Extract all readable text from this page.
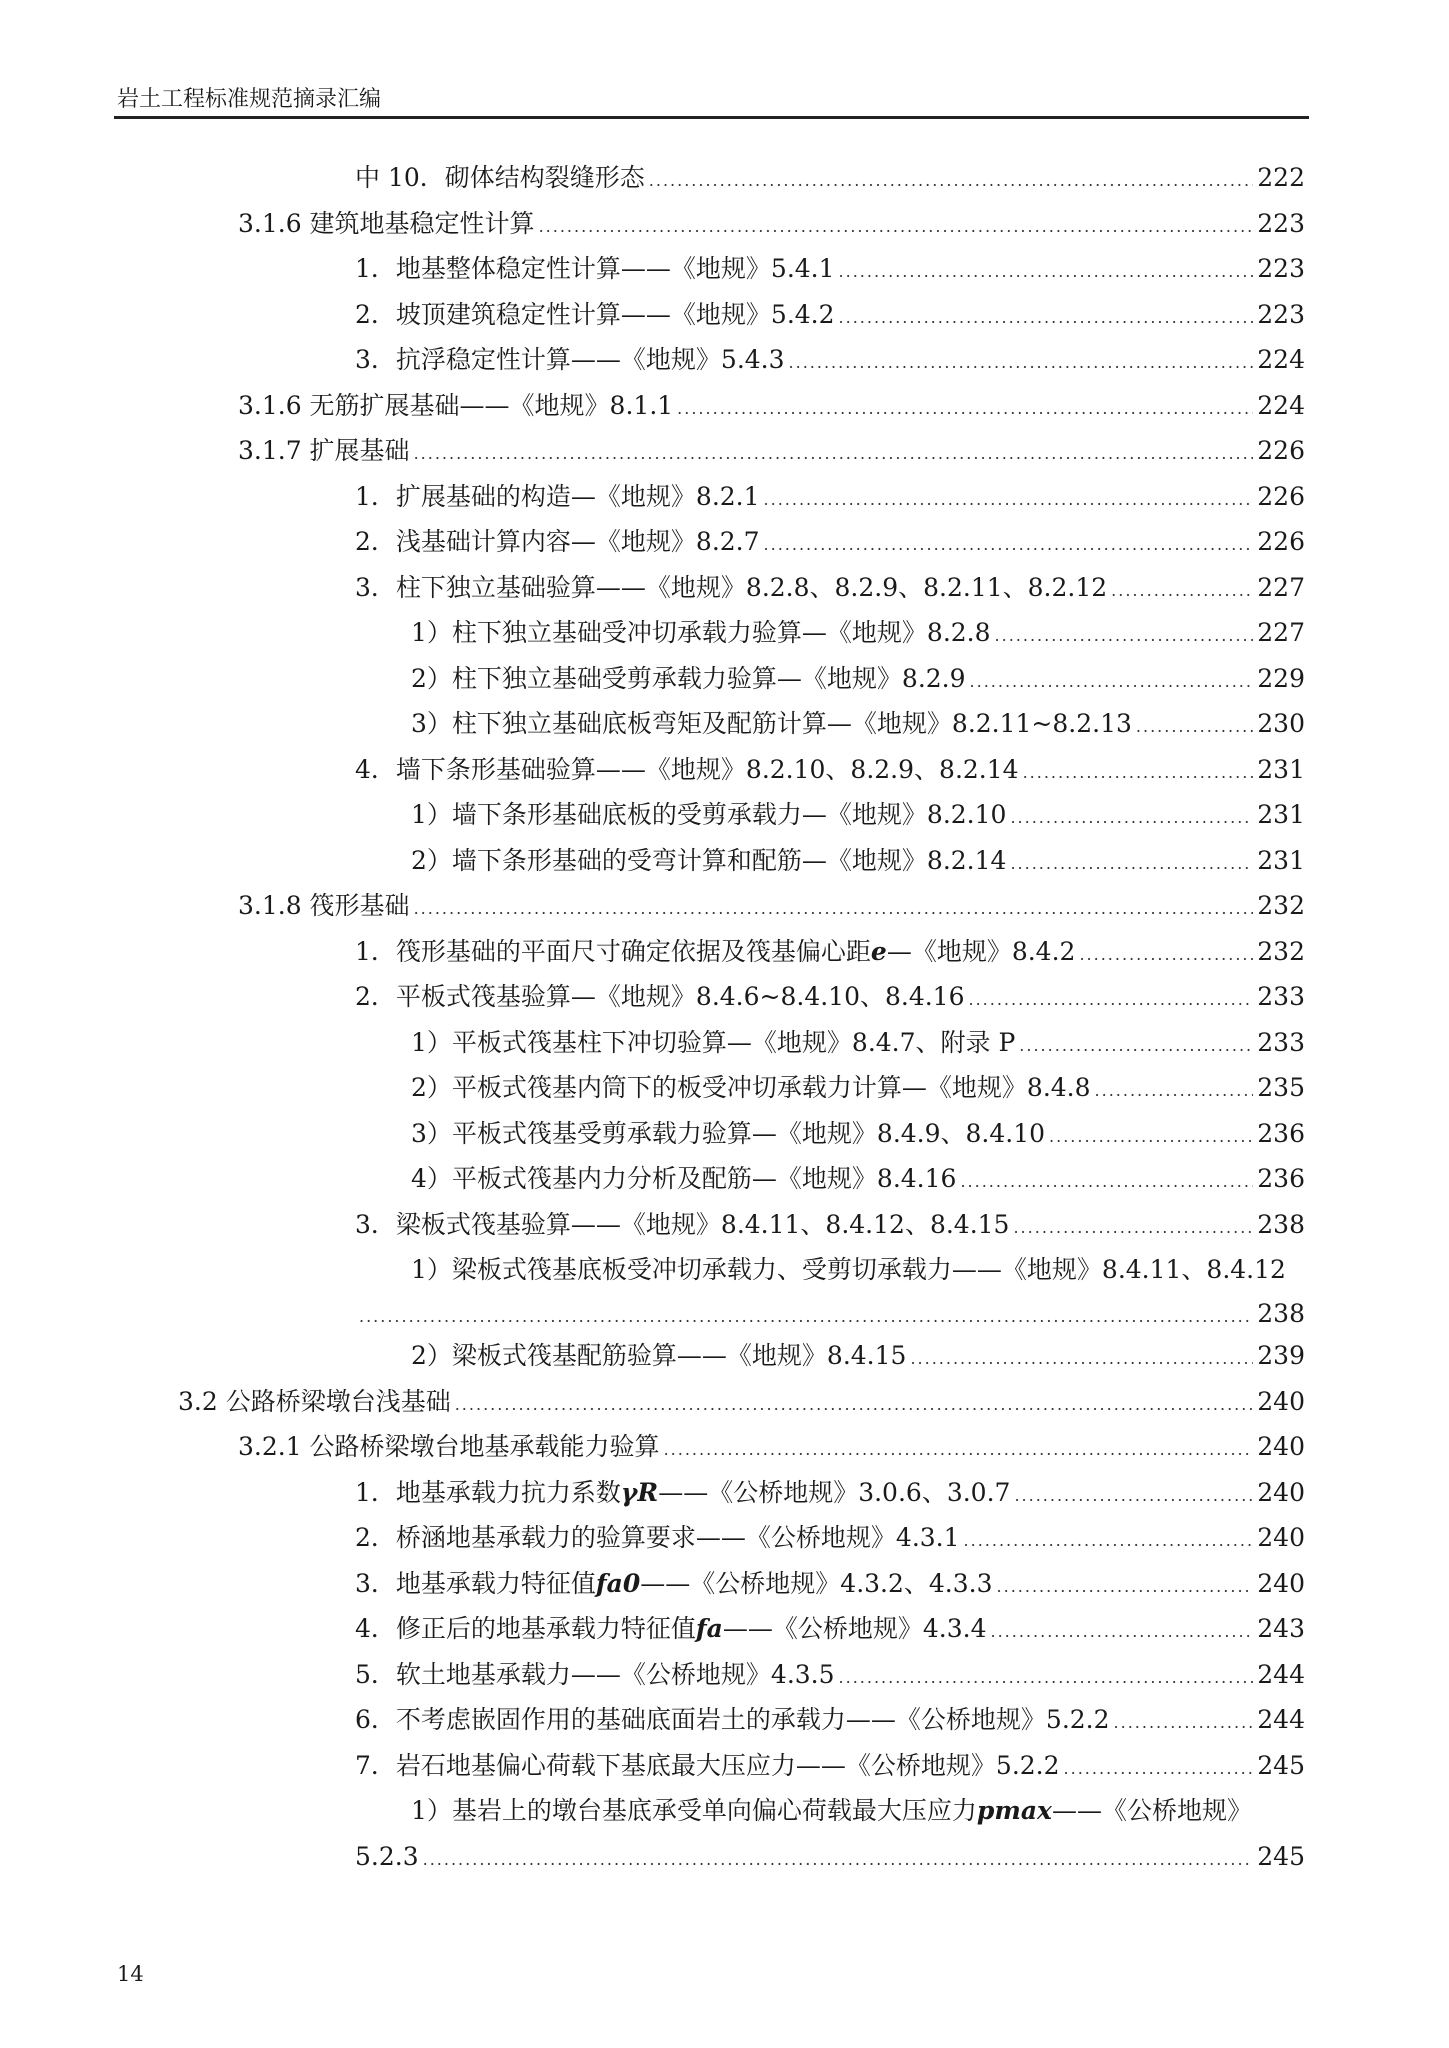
岩土工程标准规范摘录汇编
中 10．砌体结构裂缝形态 .....	222
3.1.6 建筑地基稳定性计算 .....	223
1．地基整体稳定性计算——《地规》5.4.1 .....	223
2．坡顶建筑稳定性计算——《地规》5.4.2 .....	223
3．抗浮稳定性计算——《地规》5.4.3 .....	224
3.1.6 无筋扩展基础——《地规》8.1.1 .....	224
3.1.7 扩展基础 .....	226
1．扩展基础的构造—《地规》8.2.1 .....	226
2．浅基础计算内容—《地规》8.2.7 .....	226
3．柱下独立基础验算——《地规》8.2.8、8.2.9、8.2.11、8.2.12 .....	227
1）柱下独立基础受冲切承载力验算—《地规》8.2.8 .....	227
2）柱下独立基础受剪承载力验算—《地规》8.2.9 .....	229
3）柱下独立基础底板弯矩及配筋计算—《地规》8.2.11~8.2.13 .....	230
4．墙下条形基础验算——《地规》8.2.10、8.2.9、8.2.14 .....	231
1）墙下条形基础底板的受剪承载力—《地规》8.2.10 .....	231
2）墙下条形基础的受弯计算和配筋—《地规》8.2.14 .....	231
3.1.8 筏形基础 .....	232
1．筏形基础的平面尺寸确定依据及筏基偏心距e—《地规》8.4.2 .....	232
2．平板式筏基验算—《地规》8.4.6~8.4.10、8.4.16 .....	233
1）平板式筏基柱下冲切验算—《地规》8.4.7、附录 P .....	233
2）平板式筏基内筒下的板受冲切承载力计算—《地规》8.4.8 .....	235
3）平板式筏基受剪承载力验算—《地规》8.4.9、8.4.10 .....	236
4）平板式筏基内力分析及配筋—《地规》8.4.16 .....	236
3．梁板式筏基验算——《地规》8.4.11、8.4.12、8.4.15 .....	238
1）梁板式筏基底板受冲切承载力、受剪切承载力——《地规》8.4.11、8.4.12
.....
238
2）梁板式筏基配筋验算——《地规》8.4.15 .....	239
3.2 公路桥梁墩台浅基础 .....	240
3.2.1 公路桥梁墩台地基承载能力验算 .....	240
1．地基承载力抗力系数γR——《公桥地规》3.0.6、3.0.7 .....	240
2．桥涵地基承载力的验算要求——《公桥地规》4.3.1 .....	240
3．地基承载力特征值fa0——《公桥地规》4.3.2、4.3.3 .....	240
4．修正后的地基承载力特征值fa——《公桥地规》4.3.4 .....	243
5．软土地基承载力——《公桥地规》4.3.5 .....	244
6．不考虑嵌固作用的基础底面岩土的承载力——《公桥地规》5.2.2 .....	244
7．岩石地基偏心荷载下基底最大压应力——《公桥地规》5.2.2 .....	245
1）基岩上的墩台基底承受单向偏心荷载最大压应力pmax——《公桥地规》
5.2.3 .....	245
14
